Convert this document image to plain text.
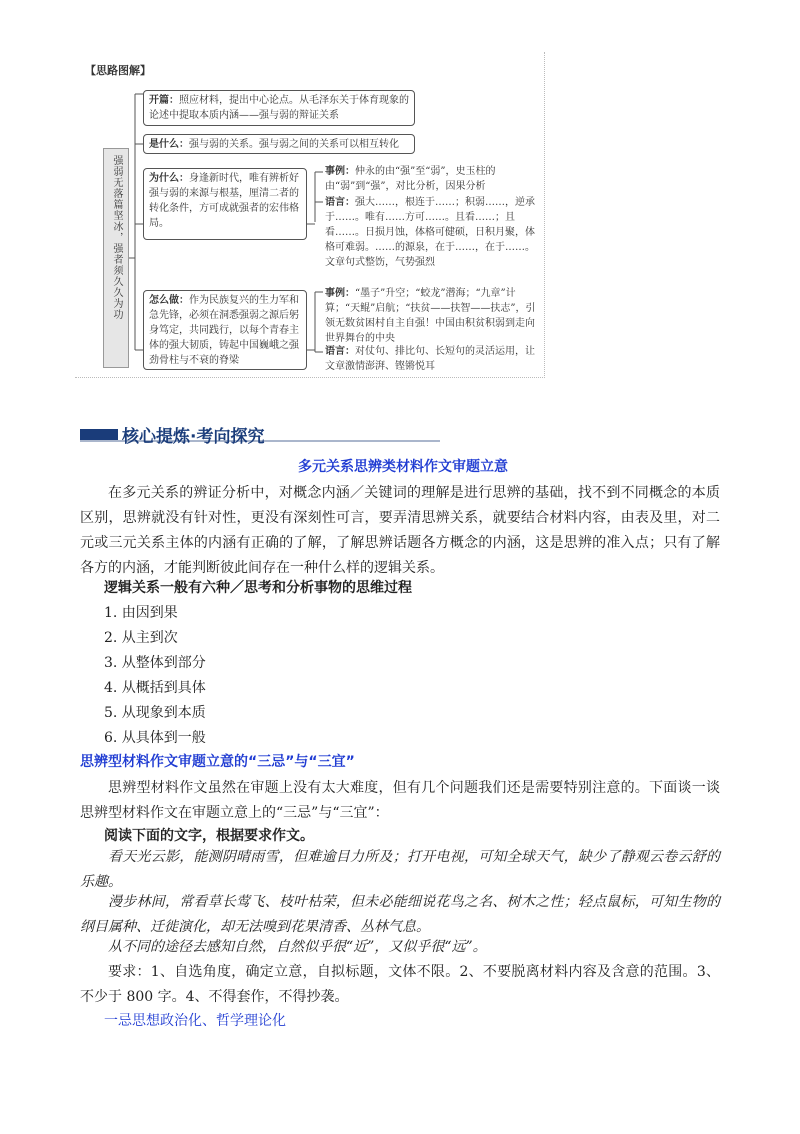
【思路图解】
强弱无落篇坚冰，强者须久久为功
开篇：照应材料，提出中心论点。从毛泽东关于体育现象的论述中提取本质内涵——强与弱的辩证关系
是什么：强与弱的关系。强与弱之间的关系可以相互转化
为什么：身逢新时代，唯有辨析好强与弱的来源与根基，厘清二者的转化条件，方可成就强者的宏伟格局。
事例：仲永的由“强”至“弱”，史玉柱的由“弱”到“强”，对比分析，因果分析
语言：强大……，根连于……；积弱……，逆承于……。唯有……方可……。且看……；且看……。日损月蚀，体格可健硕，日积月聚，体格可难弱。……的源泉，在于……，在于……。文章句式整饬，气势强烈
怎么做：作为民族复兴的生力军和急先锋，必须在洞悉强弱之源后躬身笃定，共同践行，以每个青春主体的强大韧质，铸起中国巍峨之强劲骨柱与不衰的脊梁
事例：“墨子”升空；“蛟龙”潜海；“九章”计算；“天鲲”启航；“扶贫——扶智——扶志”，引领无数贫困村自主自强！中国由积贫积弱到走向世界舞台的中央
语言：对仗句、排比句、长短句的灵活运用，让文章激情澎湃、铿锵悦耳
核心提炼·考向探究
多元关系思辨类材料作文审题立意
在多元关系的辨证分析中，对概念内涵／关键词的理解是进行思辨的基础，找不到不同概念的本质区别，思辨就没有针对性，更没有深刻性可言，要弄清思辨关系，就要结合材料内容，由表及里，对二元或三元关系主体的内涵有正确的了解，了解思辨话题各方概念的内涵，这是思辨的准入点；只有了解各方的内涵，才能判断彼此间存在一种什么样的逻辑关系。
逻辑关系一般有六种／思考和分析事物的思维过程
1. 由因到果
2. 从主到次
3. 从整体到部分
4. 从概括到具体
5. 从现象到本质
6. 从具体到一般
思辨型材料作文审题立意的“三忌”与“三宜”
思辨型材料作文虽然在审题上没有太大难度，但有几个问题我们还是需要特别注意的。下面谈一谈思辨型材料作文在审题立意上的“三忌”与“三宜”：
阅读下面的文字，根据要求作文。
看天光云影，能测阴晴雨雪，但难逾目力所及；打开电视，可知全球天气，缺少了静观云卷云舒的乐趣。
漫步林间，常看草长莺飞、枝叶枯荣，但未必能细说花鸟之名、树木之性；轻点鼠标，可知生物的纲目属种、迁徙演化，却无法嗅到花果清香、丛林气息。
从不同的途径去感知自然，自然似乎很“近”，又似乎很“远”。
要求：1、自选角度，确定立意，自拟标题，文体不限。2、不要脱离材料内容及含意的范围。3、不少于 800 字。4、不得套作，不得抄袭。
一忌思想政治化、哲学理论化
